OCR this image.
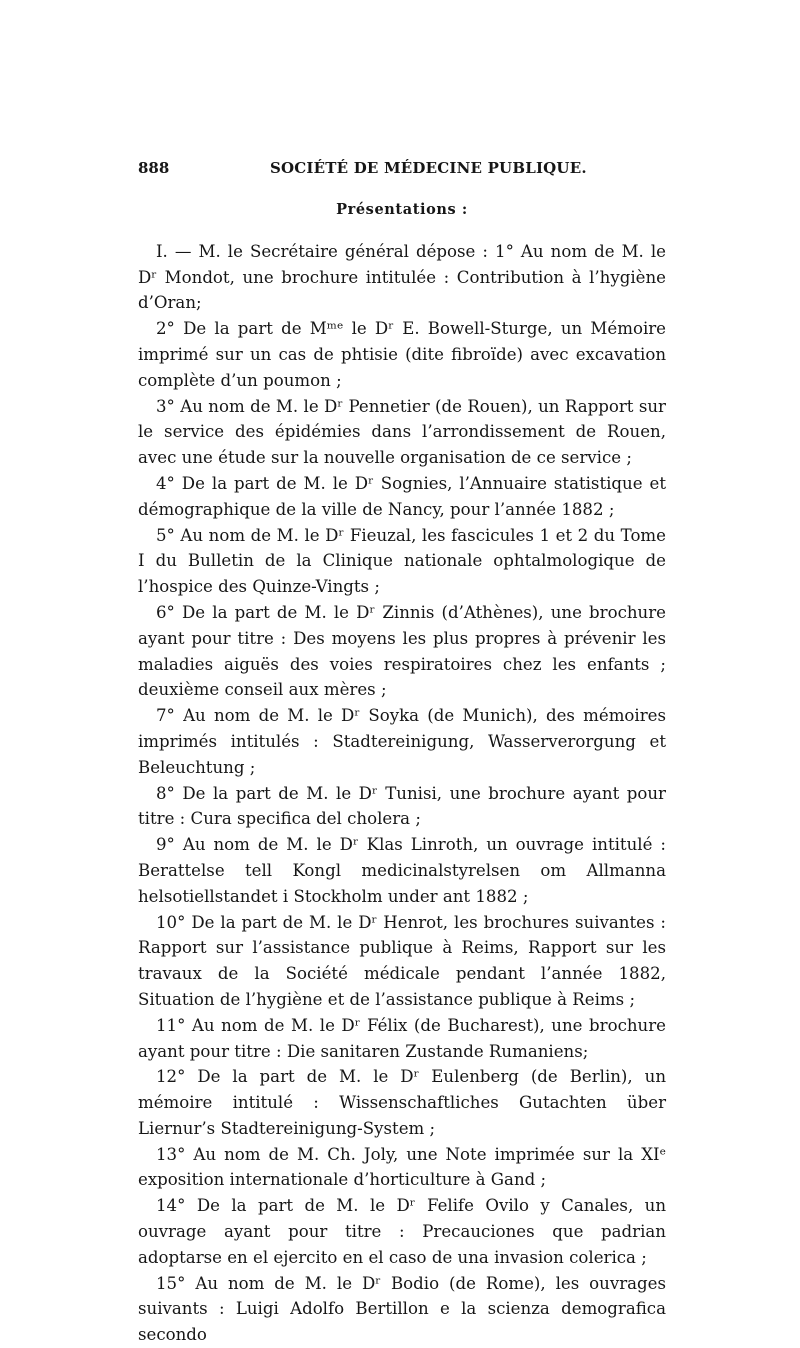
888	SOCIÉTÉ DE MÉDECINE PUBLIQUE.
Présentations :

I. — M. le Secrétaire général dépose : 1° Au nom de M. le Dʳ Mondot, une brochure intitulée : Contribution à l’hygiène d’Oran;

2° De la part de Mᵐᵉ le Dʳ E. Bowell-Sturge, un Mémoire imprimé sur un cas de phtisie (dite fibroïde) avec excavation complète d’un poumon ;

3° Au nom de M. le Dʳ Pennetier (de Rouen), un Rapport sur le service des épidémies dans l’arrondissement de Rouen, avec une étude sur la nouvelle organisation de ce service ;

4° De la part de M. le Dʳ Sognies, l’Annuaire statistique et démographique de la ville de Nancy, pour l’année 1882 ;

5° Au nom de M. le Dʳ Fieuzal, les fascicules 1 et 2 du Tome I du Bulletin de la Clinique nationale ophtalmologique de l’hospice des Quinze-Vingts ;

6° De la part de M. le Dʳ Zinnis (d’Athènes), une brochure ayant pour titre : Des moyens les plus propres à prévenir les maladies aiguës des voies respiratoires chez les enfants ; deuxième conseil aux mères ;

7° Au nom de M. le Dʳ Soyka (de Munich), des mémoires imprimés intitulés : Stadtereinigung, Wasserverorgung et Beleuchtung ;

8° De la part de M. le Dʳ Tunisi, une brochure ayant pour titre : Cura specifica del cholera ;

9° Au nom de M. le Dʳ Klas Linroth, un ouvrage intitulé : Berattelse tell Kongl medicinalstyrelsen om Allmanna helsotiellstandet i Stockholm under ant 1882 ;

10° De la part de M. le Dʳ Henrot, les brochures suivantes : Rapport sur l’assistance publique à Reims, Rapport sur les travaux de la Société médicale pendant l’année 1882, Situation de l’hygiène et de l’assistance publique à Reims ;

11° Au nom de M. le Dʳ Félix (de Bucharest), une brochure ayant pour titre : Die sanitaren Zustande Rumaniens;

12° De la part de M. le Dʳ Eulenberg (de Berlin), un mémoire intitulé : Wissenschaftliches Gutachten über Liernur’s Stadtereinigung-System ;

13° Au nom de M. Ch. Joly, une Note imprimée sur la XIᵉ exposition internationale d’horticulture à Gand ;

14° De la part de M. le Dʳ Felife Ovilo y Canales, un ouvrage ayant pour titre : Precauciones que padrian adoptarse en el ejercito en el caso de una invasion colerica ;

15° Au nom de M. le Dʳ Bodio (de Rome), les ouvrages suivants : Luigi Adolfo Bertillon e la scienza demografica secondo
